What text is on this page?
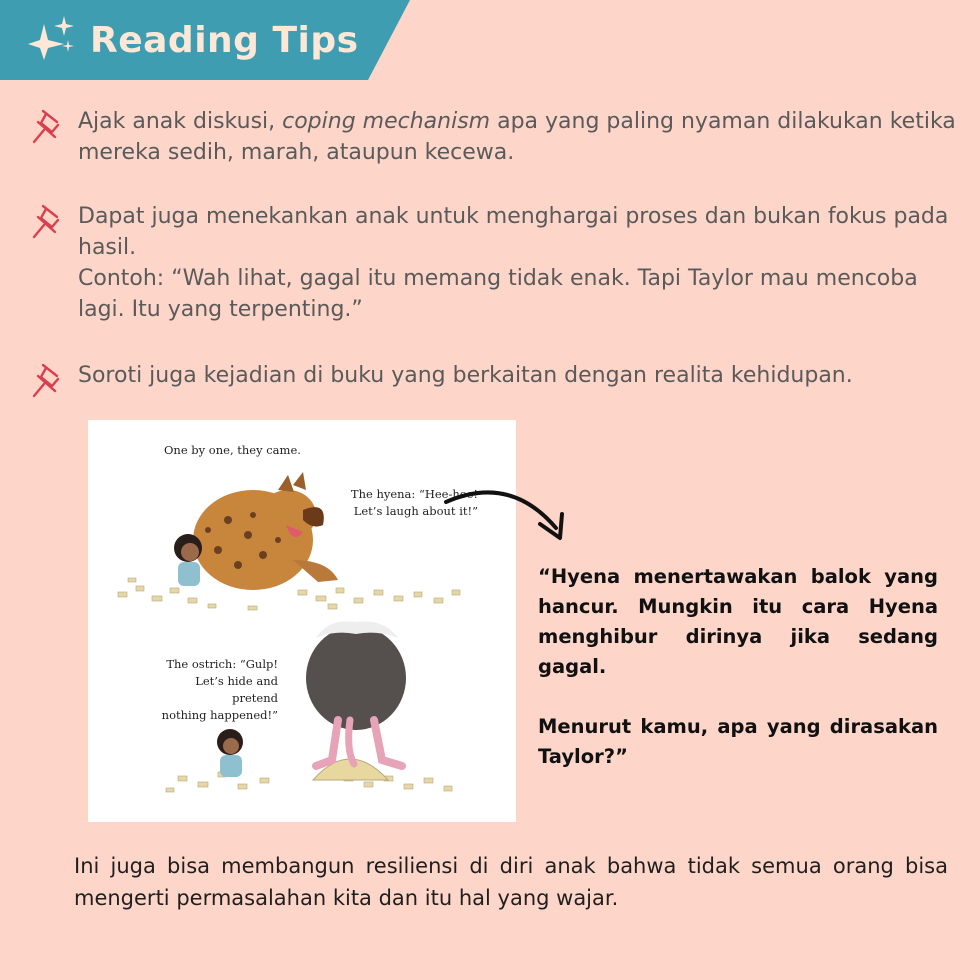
Reading Tips
Ajak anak diskusi, coping mechanism apa yang paling nyaman dilakukan ketika mereka sedih, marah, ataupun kecewa.
Dapat juga menekankan anak untuk menghargai proses dan bukan fokus pada hasil.
Contoh: “Wah lihat, gagal itu memang tidak enak. Tapi Taylor mau mencoba lagi. Itu yang terpenting.”
Soroti juga kejadian di buku yang berkaitan dengan realita kehidupan.
One by one, they came.
The hyena: “Hee-hee!
Let’s laugh about it!”
The ostrich: “Gulp!
Let’s hide and pretend
nothing happened!”

“Hyena menertawakan balok yang hancur. Mungkin itu cara Hyena menghibur dirinya jika sedang gagal.

Menurut kamu, apa yang dirasakan Taylor?”

Ini juga bisa membangun resiliensi di diri anak bahwa tidak semua orang bisa mengerti permasalahan kita dan itu hal yang wajar.
